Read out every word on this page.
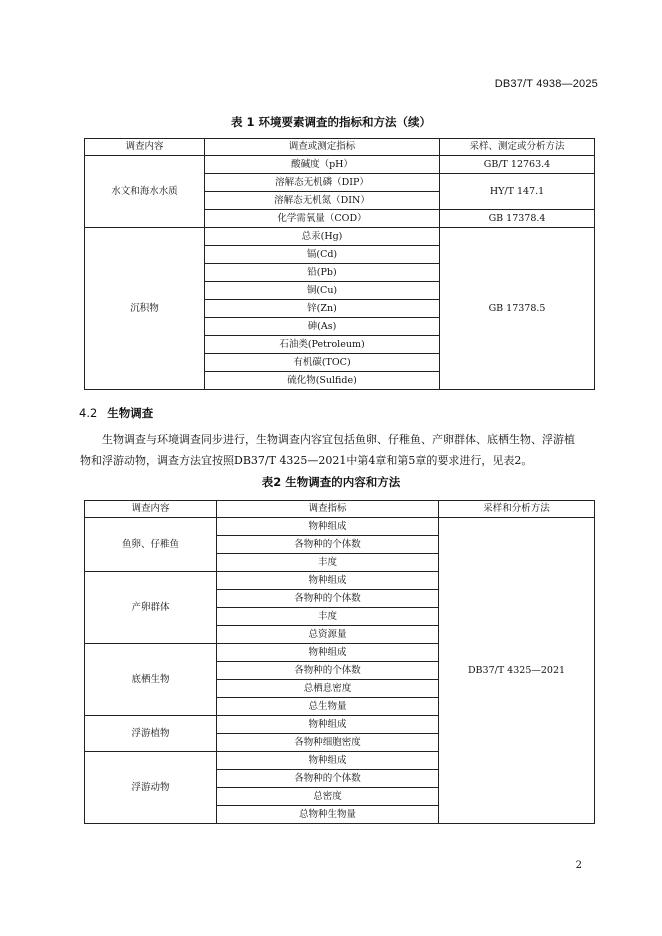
DB37/T 4938—2025
表 1 环境要素调查的指标和方法（续）
调查内容	调查或测定指标	采样、测定或分析方法
水文和海水水质	酸碱度（pH）	GB/T 12763.4
	溶解态无机磷（DIP）	HY/T 147.1
	溶解态无机氮（DIN）	
	化学需氧量（COD）	GB 17378.4
沉积物	总汞(Hg)	GB 17378.5
	镉(Cd)	
	铅(Pb)	
	铜(Cu)	
	锌(Zn)	
	砷(As)	
	石油类(Petroleum)	
	有机碳(TOC)	
	硫化物(Sulfide)	
4.2 生物调查
生物调查与环境调查同步进行，生物调查内容宜包括鱼卵、仔稚鱼、产卵群体、底栖生物、浮游植
物和浮游动物，调查方法宜按照DB37/T 4325—2021中第4章和第5章的要求进行，见表2。
表2 生物调查的内容和方法
调查内容	调查指标	采样和分析方法
鱼卵、仔稚鱼	物种组成	DB37/T 4325—2021
	各物种的个体数	
	丰度	
产卵群体	物种组成	
	各物种的个体数	
	丰度	
	总资源量	
底栖生物	物种组成	
	各物种的个体数	
	总栖息密度	
	总生物量	
浮游植物	物种组成	
	各物种细胞密度	
浮游动物	物种组成	
	各物种的个体数	
	总密度	
	总物种生物量	
2
